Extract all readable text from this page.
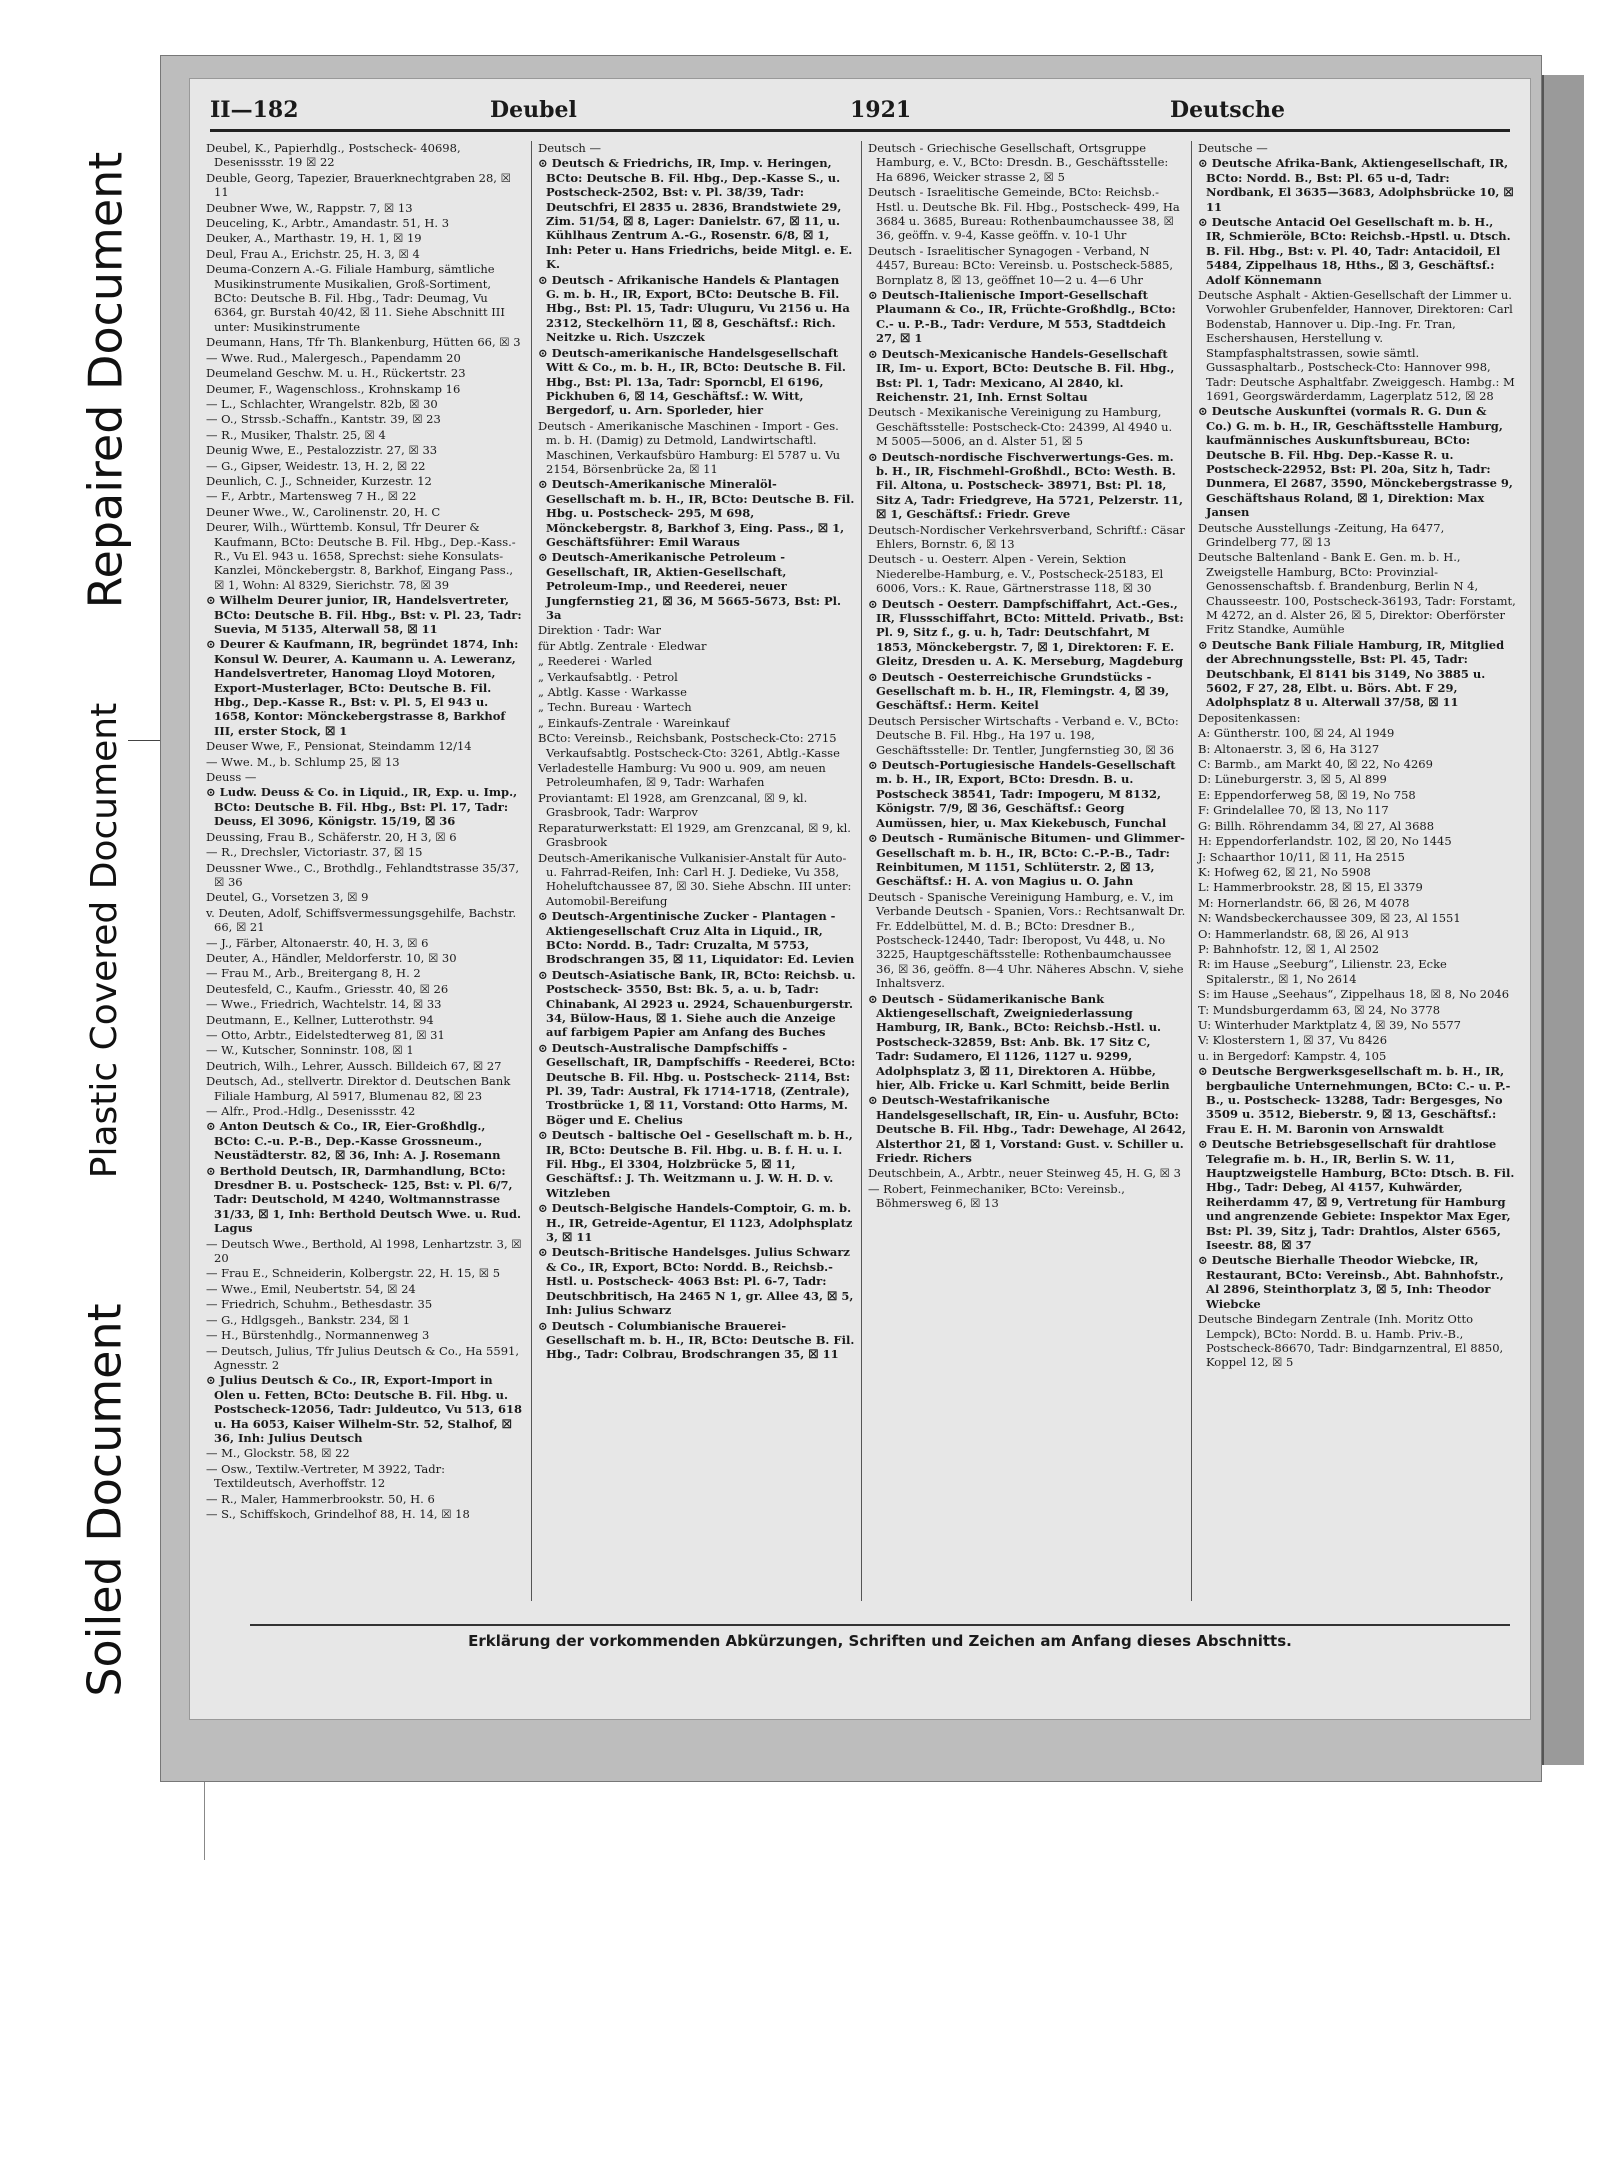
Repaired Document
Plastic Covered Document
Soiled Document
II—182	Deubel	1921	Deutsche
Deubel, K., Papierhdlg., Postscheck- 40698, Desenissstr. 19 ☒ 22
Deuble, Georg, Tapezier, Brauerknechtgraben 28, ☒ 11
Deubner Wwe, W., Rappstr. 7, ☒ 13
Deuceling, K., Arbtr., Amandastr. 51, H. 3
Deuker, A., Marthastr. 19, H. 1, ☒ 19
Deul, Frau A., Erichstr. 25, H. 3, ☒ 4
Deuma-Conzern A.-G. Filiale Hamburg, sämtliche Musikinstrumente Musikalien, Groß-Sortiment, BCto: Deutsche B. Fil. Hbg., Tadr: Deumag, Vu 6364, gr. Burstah 40/42, ☒ 11. Siehe Abschnitt III unter: Musikinstrumente
Deumann, Hans, Tfr Th. Blankenburg, Hütten 66, ☒ 3
— Wwe. Rud., Malergesch., Papendamm 20
Deumeland Geschw. M. u. H., Rückertstr. 23
Deumer, F., Wagenschloss., Krohnskamp 16
— L., Schlachter, Wrangelstr. 82b, ☒ 30
— O., Strssb.-Schaffn., Kantstr. 39, ☒ 23
— R., Musiker, Thalstr. 25, ☒ 4
Deunig Wwe, E., Pestalozzistr. 27, ☒ 33
— G., Gipser, Weidestr. 13, H. 2, ☒ 22
Deunlich, C. J., Schneider, Kurzestr. 12
— F., Arbtr., Martensweg 7 H., ☒ 22
Deuner Wwe., W., Carolinenstr. 20, H. C
Deurer, Wilh., Württemb. Konsul, Tfr Deurer & Kaufmann, BCto: Deutsche B. Fil. Hbg., Dep.-Kass.-R., Vu El. 943 u. 1658, Sprechst: siehe Konsulats-Kanzlei, Mönckebergstr. 8, Barkhof, Eingang Pass., ☒ 1, Wohn: Al 8329, Sierichstr. 78, ☒ 39
⊙ Wilhelm Deurer junior, IR, Handelsvertreter, BCto: Deutsche B. Fil. Hbg., Bst: v. Pl. 23, Tadr: Suevia, M 5135, Alterwall 58, ☒ 11
⊙ Deurer & Kaufmann, IR, begründet 1874, Inh: Konsul W. Deurer, A. Kaumann u. A. Leweranz, Handelsvertreter, Hanomag Lloyd Motoren, Export-Musterlager, BCto: Deutsche B. Fil. Hbg., Dep.-Kasse R., Bst: v. Pl. 5, El 943 u. 1658, Kontor: Mönckebergstrasse 8, Barkhof III, erster Stock, ☒ 1
Deuser Wwe, F., Pensionat, Steindamm 12/14
— Wwe. M., b. Schlump 25, ☒ 13
Deuss —
⊙ Ludw. Deuss & Co. in Liquid., IR, Exp. u. Imp., BCto: Deutsche B. Fil. Hbg., Bst: Pl. 17, Tadr: Deuss, El 3096, Königstr. 15/19, ☒ 36
Deussing, Frau B., Schäferstr. 20, H 3, ☒ 6
— R., Drechsler, Victoriastr. 37, ☒ 15
Deussner Wwe., C., Brothdlg., Fehlandtstrasse 35/37, ☒ 36
Deutel, G., Vorsetzen 3, ☒ 9
v. Deuten, Adolf, Schiffsvermessungsgehilfe, Bachstr. 66, ☒ 21
— J., Färber, Altonaerstr. 40, H. 3, ☒ 6
Deuter, A., Händler, Meldorferstr. 10, ☒ 30
— Frau M., Arb., Breitergang 8, H. 2
Deutesfeld, C., Kaufm., Griesstr. 40, ☒ 26
— Wwe., Friedrich, Wachtelstr. 14, ☒ 33
Deutmann, E., Kellner, Lutterothstr. 94
— Otto, Arbtr., Eidelstedterweg 81, ☒ 31
— W., Kutscher, Sonninstr. 108, ☒ 1
Deutrich, Wilh., Lehrer, Aussch. Billdeich 67, ☒ 27
Deutsch, Ad., stellvertr. Direktor d. Deutschen Bank Filiale Hamburg, Al 5917, Blumenau 82, ☒ 23
— Alfr., Prod.-Hdlg., Desenissstr. 42
⊙ Anton Deutsch & Co., IR, Eier-Großhdlg., BCto: C.-u. P.-B., Dep.-Kasse Grossneum., Neustädterstr. 82, ☒ 36, Inh: A. J. Rosemann
⊙ Berthold Deutsch, IR, Darmhandlung, BCto: Dresdner B. u. Postscheck- 125, Bst: v. Pl. 6/7, Tadr: Deutschold, M 4240, Woltmannstrasse 31/33, ☒ 1, Inh: Berthold Deutsch Wwe. u. Rud. Lagus
— Deutsch Wwe., Berthold, Al 1998, Lenhartzstr. 3, ☒ 20
— Frau E., Schneiderin, Kolbergstr. 22, H. 15, ☒ 5
— Wwe., Emil, Neubertstr. 54, ☒ 24
— Friedrich, Schuhm., Bethesdastr. 35
— G., Hdlgsgeh., Bankstr. 234, ☒ 1
— H., Bürstenhdlg., Normannenweg 3
— Deutsch, Julius, Tfr Julius Deutsch & Co., Ha 5591, Agnesstr. 2
⊙ Julius Deutsch & Co., IR, Export-Import in Olen u. Fetten, BCto: Deutsche B. Fil. Hbg. u. Postscheck-12056, Tadr: Juldeutco, Vu 513, 618 u. Ha 6053, Kaiser Wilhelm-Str. 52, Stalhof, ☒ 36, Inh: Julius Deutsch
— M., Glockstr. 58, ☒ 22
— Osw., Textilw.-Vertreter, M 3922, Tadr: Textildeutsch, Averhoffstr. 12
— R., Maler, Hammerbrookstr. 50, H. 6
— S., Schiffskoch, Grindelhof 88, H. 14, ☒ 18
Deutsch —
⊙ Deutsch & Friedrichs, IR, Imp. v. Heringen, BCto: Deutsche B. Fil. Hbg., Dep.-Kasse S., u. Postscheck-2502, Bst: v. Pl. 38/39, Tadr: Deutschfri, El 2835 u. 2836, Brandstwiete 29, Zim. 51/54, ☒ 8, Lager: Danielstr. 67, ☒ 11, u. Kühlhaus Zentrum A.-G., Rosenstr. 6/8, ☒ 1, Inh: Peter u. Hans Friedrichs, beide Mitgl. e. E. K.
⊙ Deutsch - Afrikanische Handels & Plantagen G. m. b. H., IR, Export, BCto: Deutsche B. Fil. Hbg., Bst: Pl. 15, Tadr: Uluguru, Vu 2156 u. Ha 2312, Steckelhörn 11, ☒ 8, Geschäftsf.: Rich. Neitzke u. Rich. Uszczek
⊙ Deutsch-amerikanische Handelsgesellschaft Witt & Co., m. b. H., IR, BCto: Deutsche B. Fil. Hbg., Bst: Pl. 13a, Tadr: Sporncbl, El 6196, Pickhuben 6, ☒ 14, Geschäftsf.: W. Witt, Bergedorf, u. Arn. Sporleder, hier
Deutsch - Amerikanische Maschinen - Import - Ges. m. b. H. (Damig) zu Detmold, Landwirtschaftl. Maschinen, Verkaufsbüro Hamburg: El 5787 u. Vu 2154, Börsenbrücke 2a, ☒ 11
⊙ Deutsch-Amerikanische Mineralöl-Gesellschaft m. b. H., IR, BCto: Deutsche B. Fil. Hbg. u. Postscheck- 295, M 698, Mönckebergstr. 8, Barkhof 3, Eing. Pass., ☒ 1, Geschäftsführer: Emil Waraus
⊙ Deutsch-Amerikanische Petroleum - Gesellschaft, IR, Aktien-Gesellschaft, Petroleum-Imp., und Reederei, neuer Jungfernstieg 21, ☒ 36, M 5665-5673, Bst: Pl. 3a
Direktion · Tadr: War
für Abtlg. Zentrale · Eledwar
„ Reederei · Warled
„ Verkaufsabtlg. · Petrol
„ Abtlg. Kasse · Warkasse
„ Techn. Bureau · Wartech
„ Einkaufs-Zentrale · Wareinkauf
BCto: Vereinsb., Reichsbank, Postscheck-Cto: 2715 Verkaufsabtlg. Postscheck-Cto: 3261, Abtlg.-Kasse
Verladestelle Hamburg: Vu 900 u. 909, am neuen Petroleumhafen, ☒ 9, Tadr: Warhafen
Proviantamt: El 1928, am Grenzcanal, ☒ 9, kl. Grasbrook, Tadr: Warprov
Reparaturwerkstatt: El 1929, am Grenzcanal, ☒ 9, kl. Grasbrook
Deutsch-Amerikanische Vulkanisier-Anstalt für Auto- u. Fahrrad-Reifen, Inh: Carl H. J. Dedieke, Vu 358, Hoheluftchaussee 87, ☒ 30. Siehe Abschn. III unter: Automobil-Bereifung
⊙ Deutsch-Argentinische Zucker - Plantagen - Aktiengesellschaft Cruz Alta in Liquid., IR, BCto: Nordd. B., Tadr: Cruzalta, M 5753, Brodschrangen 35, ☒ 11, Liquidator: Ed. Levien
⊙ Deutsch-Asiatische Bank, IR, BCto: Reichsb. u. Postscheck- 3550, Bst: Bk. 5, a. u. b, Tadr: Chinabank, Al 2923 u. 2924, Schauenburgerstr. 34, Bülow-Haus, ☒ 1. Siehe auch die Anzeige auf farbigem Papier am Anfang des Buches
⊙ Deutsch-Australische Dampfschiffs - Gesellschaft, IR, Dampfschiffs - Reederei, BCto: Deutsche B. Fil. Hbg. u. Postscheck- 2114, Bst: Pl. 39, Tadr: Austral, Fk 1714-1718, (Zentrale), Trostbrücke 1, ☒ 11, Vorstand: Otto Harms, M. Böger und E. Chelius
⊙ Deutsch - baltische Oel - Gesellschaft m. b. H., IR, BCto: Deutsche B. Fil. Hbg. u. B. f. H. u. I. Fil. Hbg., El 3304, Holzbrücke 5, ☒ 11, Geschäftsf.: J. Th. Weitzmann u. J. W. H. D. v. Witzleben
⊙ Deutsch-Belgische Handels-Comptoir, G. m. b. H., IR, Getreide-Agentur, El 1123, Adolphsplatz 3, ☒ 11
⊙ Deutsch-Britische Handelsges. Julius Schwarz & Co., IR, Export, BCto: Nordd. B., Reichsb.-Hstl. u. Postscheck- 4063 Bst: Pl. 6-7, Tadr: Deutschbritisch, Ha 2465 N 1, gr. Allee 43, ☒ 5, Inh: Julius Schwarz
⊙ Deutsch - Columbianische Brauerei-Gesellschaft m. b. H., IR, BCto: Deutsche B. Fil. Hbg., Tadr: Colbrau, Brodschrangen 35, ☒ 11
Deutsch - Griechische Gesellschaft, Ortsgruppe Hamburg, e. V., BCto: Dresdn. B., Geschäftsstelle: Ha 6896, Weicker strasse 2, ☒ 5
Deutsch - Israelitische Gemeinde, BCto: Reichsb.-Hstl. u. Deutsche Bk. Fil. Hbg., Postscheck- 499, Ha 3684 u. 3685, Bureau: Rothenbaumchaussee 38, ☒ 36, geöffn. v. 9-4, Kasse geöffn. v. 10-1 Uhr
Deutsch - Israelitischer Synagogen - Verband, N 4457, Bureau: BCto: Vereinsb. u. Postscheck-5885, Bornplatz 8, ☒ 13, geöffnet 10—2 u. 4—6 Uhr
⊙ Deutsch-Italienische Import-Gesellschaft Plaumann & Co., IR, Früchte-Großhdlg., BCto: C.- u. P.-B., Tadr: Verdure, M 553, Stadtdeich 27, ☒ 1
⊙ Deutsch-Mexicanische Handels-Gesellschaft IR, Im- u. Export, BCto: Deutsche B. Fil. Hbg., Bst: Pl. 1, Tadr: Mexicano, Al 2840, kl. Reichenstr. 21, Inh. Ernst Soltau
Deutsch - Mexikanische Vereinigung zu Hamburg, Geschäftsstelle: Postscheck-Cto: 24399, Al 4940 u. M 5005—5006, an d. Alster 51, ☒ 5
⊙ Deutsch-nordische Fischverwertungs-Ges. m. b. H., IR, Fischmehl-Großhdl., BCto: Westh. B. Fil. Altona, u. Postscheck- 38971, Bst: Pl. 18, Sitz A, Tadr: Friedgreve, Ha 5721, Pelzerstr. 11, ☒ 1, Geschäftsf.: Friedr. Greve
Deutsch-Nordischer Verkehrsverband, Schriftf.: Cäsar Ehlers, Bornstr. 6, ☒ 13
Deutsch - u. Oesterr. Alpen - Verein, Sektion Niederelbe-Hamburg, e. V., Postscheck-25183, El 6006, Vors.: K. Raue, Gärtnerstrasse 118, ☒ 30
⊙ Deutsch - Oesterr. Dampfschiffahrt, Act.-Ges., IR, Flussschiffahrt, BCto: Mitteld. Privatb., Bst: Pl. 9, Sitz f., g. u. h, Tadr: Deutschfahrt, M 1853, Mönckebergstr. 7, ☒ 1, Direktoren: F. E. Gleitz, Dresden u. A. K. Merseburg, Magdeburg
⊙ Deutsch - Oesterreichische Grundstücks - Gesellschaft m. b. H., IR, Flemingstr. 4, ☒ 39, Geschäftsf.: Herm. Keitel
Deutsch Persischer Wirtschafts - Verband e. V., BCto: Deutsche B. Fil. Hbg., Ha 197 u. 198, Geschäftsstelle: Dr. Tentler, Jungfernstieg 30, ☒ 36
⊙ Deutsch-Portugiesische Handels-Gesellschaft m. b. H., IR, Export, BCto: Dresdn. B. u. Postscheck 38541, Tadr: Impogeru, M 8132, Königstr. 7/9, ☒ 36, Geschäftsf.: Georg Aumüssen, hier, u. Max Kiekebusch, Funchal
⊙ Deutsch - Rumänische Bitumen- und Glimmer-Gesellschaft m. b. H., IR, BCto: C.-P.-B., Tadr: Reinbitumen, M 1151, Schlüterstr. 2, ☒ 13, Geschäftsf.: H. A. von Magius u. O. Jahn
Deutsch - Spanische Vereinigung Hamburg, e. V., im Verbande Deutsch - Spanien, Vors.: Rechtsanwalt Dr. Fr. Eddelbüttel, M. d. B.; BCto: Dresdner B., Postscheck-12440, Tadr: Iberopost, Vu 448, u. No 3225, Hauptgeschäftsstelle: Rothenbaumchaussee 36, ☒ 36, geöffn. 8—4 Uhr. Näheres Abschn. V, siehe Inhaltsverz.
⊙ Deutsch - Südamerikanische Bank Aktiengesellschaft, Zweigniederlassung Hamburg, IR, Bank., BCto: Reichsb.-Hstl. u. Postscheck-32859, Bst: Anb. Bk. 17 Sitz C, Tadr: Sudamero, El 1126, 1127 u. 9299, Adolphsplatz 3, ☒ 11, Direktoren A. Hübbe, hier, Alb. Fricke u. Karl Schmitt, beide Berlin
⊙ Deutsch-Westafrikanische Handelsgesellschaft, IR, Ein- u. Ausfuhr, BCto: Deutsche B. Fil. Hbg., Tadr: Dewehage, Al 2642, Alsterthor 21, ☒ 1, Vorstand: Gust. v. Schiller u. Friedr. Richers
Deutschbein, A., Arbtr., neuer Steinweg 45, H. G, ☒ 3
— Robert, Feinmechaniker, BCto: Vereinsb., Böhmersweg 6, ☒ 13
Deutsche —
⊙ Deutsche Afrika-Bank, Aktiengesellschaft, IR, BCto: Nordd. B., Bst: Pl. 65 u-d, Tadr: Nordbank, El 3635—3683, Adolphsbrücke 10, ☒ 11
⊙ Deutsche Antacid Oel Gesellschaft m. b. H., IR, Schmieröle, BCto: Reichsb.-Hpstl. u. Dtsch. B. Fil. Hbg., Bst: v. Pl. 40, Tadr: Antacidoil, El 5484, Zippelhaus 18, Hths., ☒ 3, Geschäftsf.: Adolf Könnemann
Deutsche Asphalt - Aktien-Gesellschaft der Limmer u. Vorwohler Grubenfelder, Hannover, Direktoren: Carl Bodenstab, Hannover u. Dip.-Ing. Fr. Tran, Eschershausen, Herstellung v. Stampfasphaltstrassen, sowie sämtl. Gussasphaltarb., Postscheck-Cto: Hannover 998, Tadr: Deutsche Asphaltfabr. Zweiggesch. Hambg.: M 1691, Georgswärderdamm, Lagerplatz 512, ☒ 28
⊙ Deutsche Auskunftei (vormals R. G. Dun & Co.) G. m. b. H., IR, Geschäftsstelle Hamburg, kaufmännisches Auskunftsbureau, BCto: Deutsche B. Fil. Hbg. Dep.-Kasse R. u. Postscheck-22952, Bst: Pl. 20a, Sitz h, Tadr: Dunmera, El 2687, 3590, Mönckebergstrasse 9, Geschäftshaus Roland, ☒ 1, Direktion: Max Jansen
Deutsche Ausstellungs -Zeitung, Ha 6477, Grindelberg 77, ☒ 13
Deutsche Baltenland - Bank E. Gen. m. b. H., Zweigstelle Hamburg, BCto: Provinzial-Genossenschaftsb. f. Brandenburg, Berlin N 4, Chausseestr. 100, Postscheck-36193, Tadr: Forstamt, M 4272, an d. Alster 26, ☒ 5, Direktor: Oberförster Fritz Standke, Aumühle
⊙ Deutsche Bank Filiale Hamburg, IR, Mitglied der Abrechnungsstelle, Bst: Pl. 45, Tadr: Deutschbank, El 8141 bis 3149, No 3885 u. 5602, F 27, 28, Elbt. u. Börs. Abt. F 29, Adolphsplatz 8 u. Alterwall 37/58, ☒ 11
Depositenkassen:
A: Güntherstr. 100, ☒ 24, Al 1949
B: Altonaerstr. 3, ☒ 6, Ha 3127
C: Barmb., am Markt 40, ☒ 22, No 4269
D: Lüneburgerstr. 3, ☒ 5, Al 899
E: Eppendorferweg 58, ☒ 19, No 758
F: Grindelallee 70, ☒ 13, No 117
G: Billh. Röhrendamm 34, ☒ 27, Al 3688
H: Eppendorferlandstr. 102, ☒ 20, No 1445
J: Schaarthor 10/11, ☒ 11, Ha 2515
K: Hofweg 62, ☒ 21, No 5908
L: Hammerbrookstr. 28, ☒ 15, El 3379
M: Hornerlandstr. 66, ☒ 26, M 4078
N: Wandsbeckerchaussee 309, ☒ 23, Al 1551
O: Hammerlandstr. 68, ☒ 26, Al 913
P: Bahnhofstr. 12, ☒ 1, Al 2502
R: im Hause „Seeburg“, Lilienstr. 23, Ecke Spitalerstr., ☒ 1, No 2614
S: im Hause „Seehaus“, Zippelhaus 18, ☒ 8, No 2046
T: Mundsburgerdamm 63, ☒ 24, No 3778
U: Winterhuder Marktplatz 4, ☒ 39, No 5577
V: Klosterstern 1, ☒ 37, Vu 8426
u. in Bergedorf: Kampstr. 4, 105
⊙ Deutsche Bergwerksgesellschaft m. b. H., IR, bergbauliche Unternehmungen, BCto: C.- u. P.-B., u. Postscheck- 13288, Tadr: Bergesges, No 3509 u. 3512, Bieberstr. 9, ☒ 13, Geschäftsf.: Frau E. H. M. Baronin von Arnswaldt
⊙ Deutsche Betriebsgesellschaft für drahtlose Telegrafie m. b. H., IR, Berlin S. W. 11, Hauptzweigstelle Hamburg, BCto: Dtsch. B. Fil. Hbg., Tadr: Debeg, Al 4157, Kuhwärder, Reiherdamm 47, ☒ 9, Vertretung für Hamburg und angrenzende Gebiete: Inspektor Max Eger, Bst: Pl. 39, Sitz j, Tadr: Drahtlos, Alster 6565, Iseestr. 88, ☒ 37
⊙ Deutsche Bierhalle Theodor Wiebcke, IR, Restaurant, BCto: Vereinsb., Abt. Bahnhofstr., Al 2896, Steinthorplatz 3, ☒ 5, Inh: Theodor Wiebcke
Deutsche Bindegarn Zentrale (Inh. Moritz Otto Lempck), BCto: Nordd. B. u. Hamb. Priv.-B., Postscheck-86670, Tadr: Bindgarnzentral, El 8850, Koppel 12, ☒ 5
Erklärung der vorkommenden Abkürzungen, Schriften und Zeichen am Anfang dieses Abschnitts.
